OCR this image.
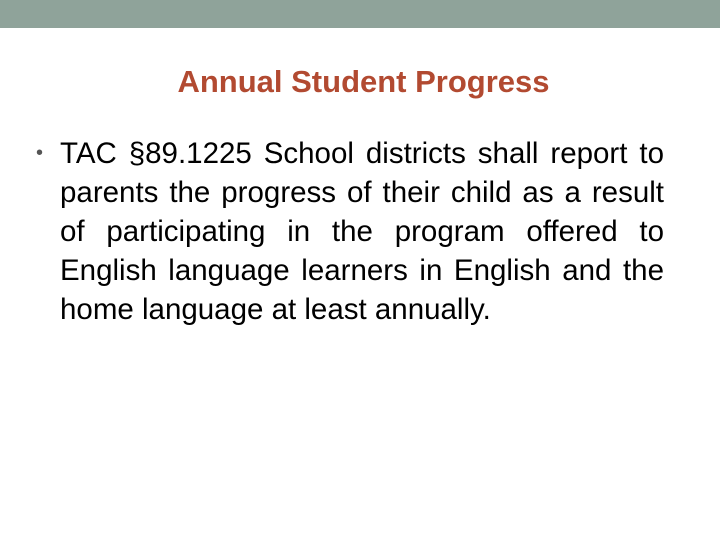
Annual Student Progress
• TAC §89.1225 School districts shall report to parents the progress of their child as a result of participating in the program offered to English language learners in English and the home language at least annually.
